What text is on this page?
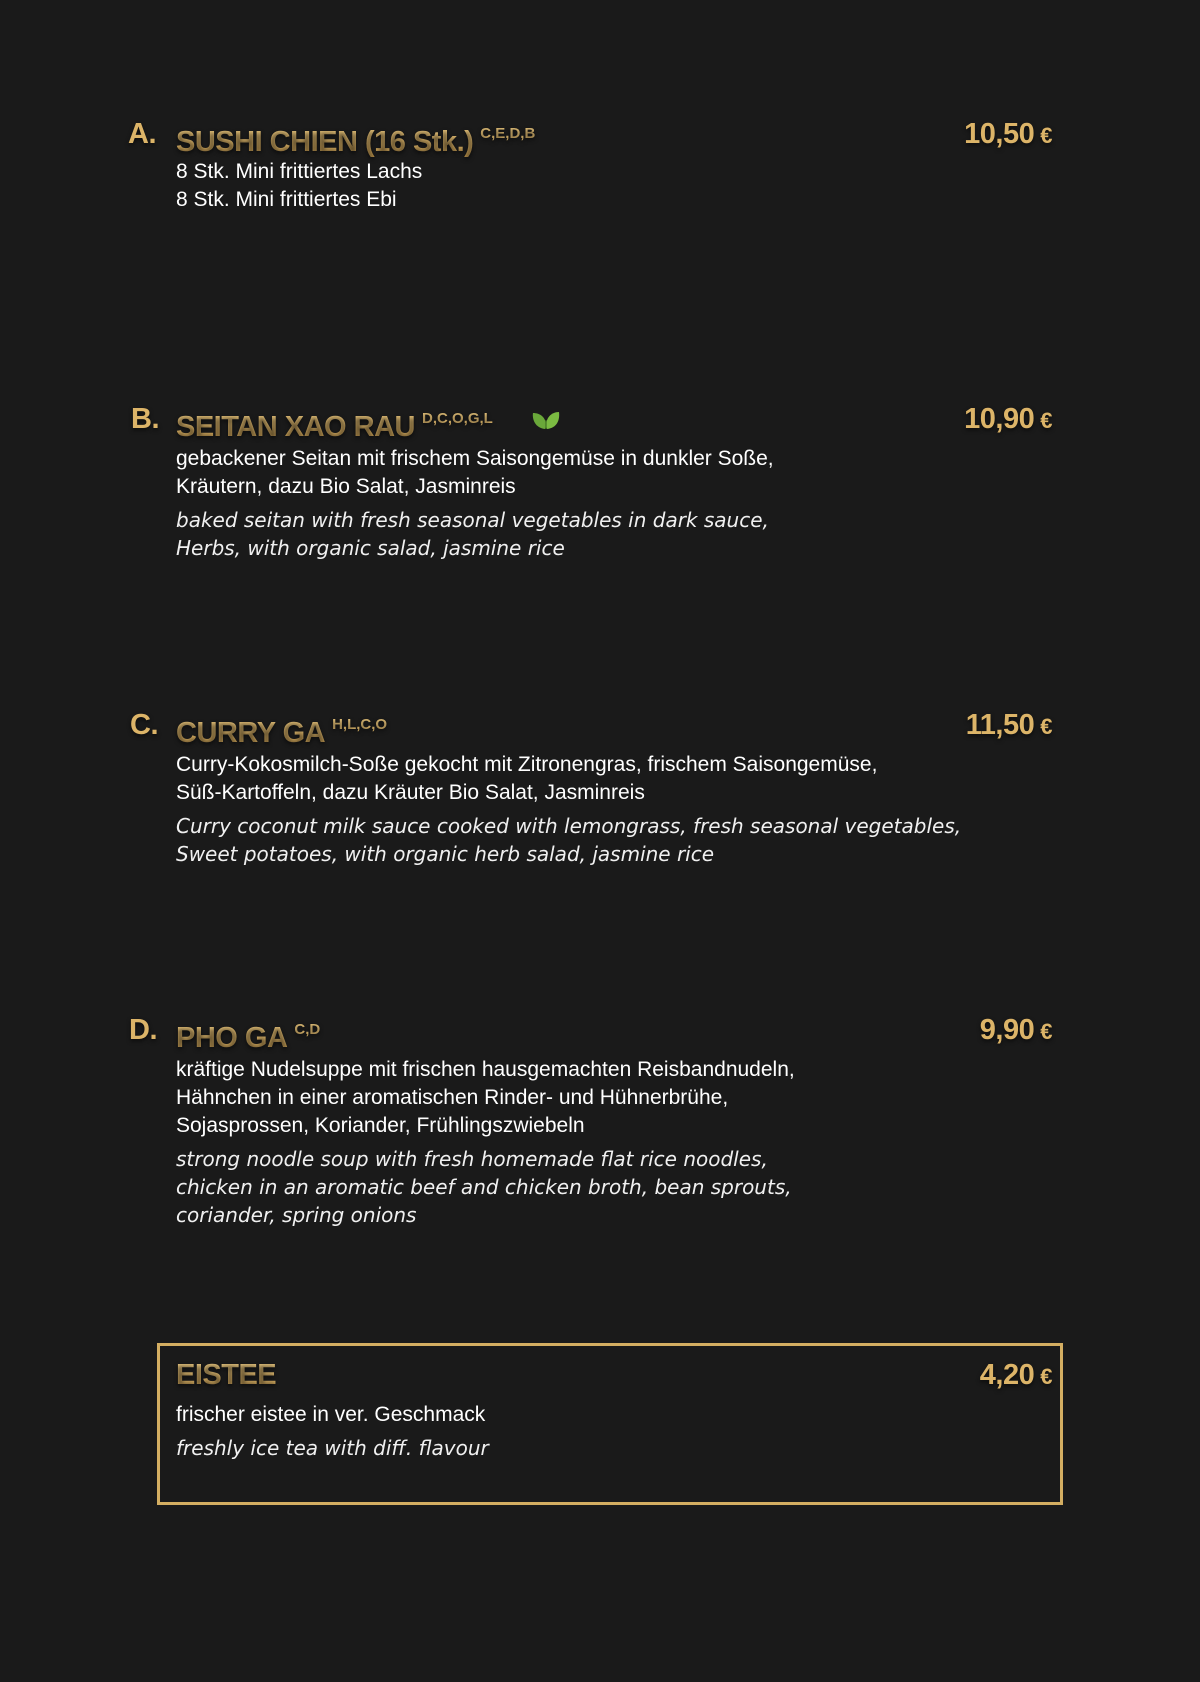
A. SUSHI CHIEN (16 Stk.) $^{C,E,D,B}$	10,50 €
8 Stk. Mini frittiertes Lachs
8 Stk. Mini frittiertes Ebi
B. SEITAN XAO RAU $^{D,C,O,G,L}$	10,90 €
gebackener Seitan mit frischem Saisongemüse in dunkler Soße,
Kräutern, dazu Bio Salat, Jasminreis
baked seitan with fresh seasonal vegetables in dark sauce,
Herbs, with organic salad, jasmine rice
C. CURRY GA $^{H,L,C,O}$	11,50 €
Curry-Kokosmilch-Soße gekocht mit Zitronengras, frischem Saisongemüse,
Süß-Kartoffeln, dazu Kräuter Bio Salat, Jasminreis
Curry coconut milk sauce cooked with lemongrass, fresh seasonal vegetables,
Sweet potatoes, with organic herb salad, jasmine rice
D. PHO GA $^{C,D}$	9,90 €
kräftige Nudelsuppe mit frischen hausgemachten Reisbandnudeln,
Hähnchen in einer aromatischen Rinder- und Hühnerbrühe,
Sojasprossen, Koriander, Frühlingszwiebeln
strong noodle soup with fresh homemade flat rice noodles,
chicken in an aromatic beef and chicken broth, bean sprouts,
coriander, spring onions
EISTEE	4,20 €
frischer eistee in ver. Geschmack
freshly ice tea with diff. flavour
